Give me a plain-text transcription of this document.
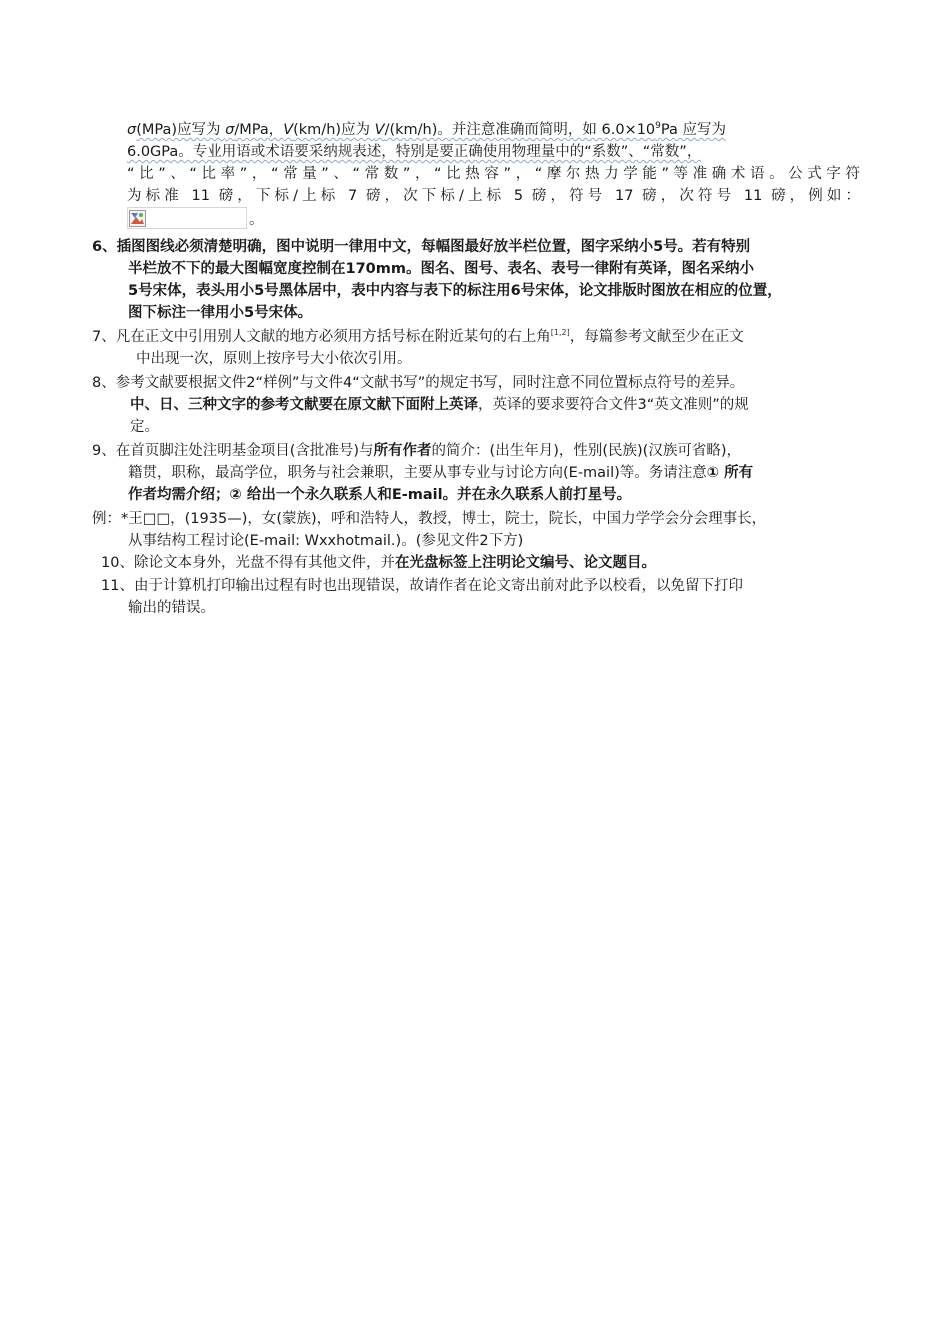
σ(MPa)应写为 σ/MPa，V(km/h)应为 V/(km/h)。并注意准确而简明，如 $6.0\times 10^9Pa$ 应写为
6.0GPa。专业用语或术语要采纳规表述，特别是要正确使用物理量中的“系数”、“常数”，
“比”、“比率”，“常量”、“常数”，“比热容”，“摩尔热力学能”等准确术语。公式字符
为标准 11 磅，下标/上标 7 磅，次下标/上标 5 磅，符号 17 磅，次符号 11 磅，例如：
。
6、插图图线必须清楚明确，图中说明一律用中文，每幅图最好放半栏位置，图字采纳小5号。若有特别
半栏放不下的最大图幅宽度控制在170mm。图名、图号、表名、表号一律附有英译，图名采纳小
5号宋体，表头用小5号黑体居中，表中内容与表下的标注用6号宋体，论文排版时图放在相应的位置，
图下标注一律用小5号宋体。
7、凡在正文中引用别人文献的地方必须用方括号标在附近某句的右上角[1,2]，每篇参考文献至少在正文
中出现一次，原则上按序号大小依次引用。
8、参考文献要根据文件2“样例”与文件4“文献书写”的规定书写，同时注意不同位置标点符号的差异。
中、日、三种文字的参考文献要在原文献下面附上英译，英译的要求要符合文件3“英文准则”的规
定。
9、在首页脚注处注明基金项目(含批准号)与所有作者的简介：(出生年月)，性别(民族)(汉族可省略)，
籍贯，职称，最高学位，职务与社会兼职，主要从事专业与讨论方向(E-mail)等。务请注意① 所有
作者均需介绍；② 给出一个永久联系人和E-mail。并在永久联系人前打星号。
例：*王□□，(1935—)，女(蒙族)，呼和浩特人，教授，博士，院士，院长，中国力学学会分会理事长，
从事结构工程讨论(E-mail: Wxxhotmail.)。(参见文件2下方)
10、除论文本身外，光盘不得有其他文件，并在光盘标签上注明论文编号、论文题目。
11、由于计算机打印输出过程有时也出现错误，故请作者在论文寄出前对此予以校看，以免留下打印
输出的错误。
